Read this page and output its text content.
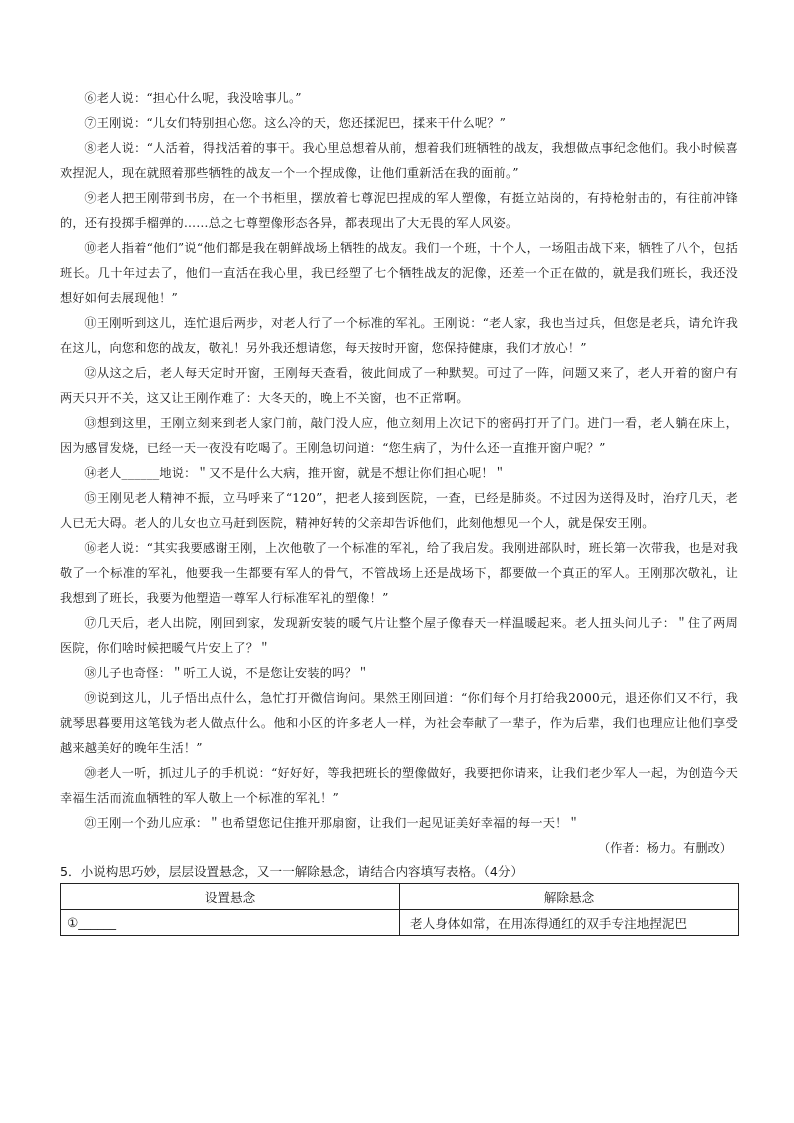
⑥老人说：“担心什么呢，我没啥事儿。”

⑦王刚说：“儿女们特别担心您。这么冷的天，您还揉泥巴，揉来干什么呢？”

⑧老人说：“人活着，得找活着的事干。我心里总想着从前，想着我们班牺牲的战友，我想做点事纪念他们。我小时候喜欢捏泥人，现在就照着那些牺牲的战友一个一个捏成像，让他们重新活在我的面前。”

⑨老人把王刚带到书房，在一个书柜里，摆放着七尊泥巴捏成的军人塑像，有挺立站岗的，有持枪射击的，有往前冲锋的，还有投掷手榴弹的……总之七尊塑像形态各异，都表现出了大无畏的军人风姿。

⑩老人指着“他们”说“他们都是我在朝鲜战场上牺牲的战友。我们一个班，十个人，一场阻击战下来，牺牲了八个，包括班长。几十年过去了，他们一直活在我心里，我已经塑了七个牺牲战友的泥像，还差一个正在做的，就是我们班长，我还没想好如何去展现他！”

⑪王刚听到这儿，连忙退后两步，对老人行了一个标准的军礼。王刚说：“老人家，我也当过兵，但您是老兵，请允许我在这儿，向您和您的战友，敬礼！另外我还想请您，每天按时开窗，您保持健康，我们才放心！”

⑫从这之后，老人每天定时开窗，王刚每天查看，彼此间成了一种默契。可过了一阵，问题又来了，老人开着的窗户有两天只开不关，这又让王刚作难了：大冬天的，晚上不关窗，也不正常啊。

⑬想到这里，王刚立刻来到老人家门前，敲门没人应，他立刻用上次记下的密码打开了门。进门一看，老人躺在床上，因为感冒发烧，已经一天一夜没有吃喝了。王刚急切问道：“您生病了，为什么还一直推开窗户呢？”

⑭老人______地说：＂又不是什么大病，推开窗，就是不想让你们担心呢！＂

⑮王刚见老人精神不振，立马呼来了“120”，把老人接到医院，一查，已经是肺炎。不过因为送得及时，治疗几天，老人已无大碍。老人的儿女也立马赶到医院，精神好转的父亲却告诉他们，此刻他想见一个人，就是保安王刚。

⑯老人说：“其实我要感谢王刚，上次他敬了一个标准的军礼，给了我启发。我刚进部队时，班长第一次带我，也是对我敬了一个标准的军礼，他要我一生都要有军人的骨气，不管战场上还是战场下，都要做一个真正的军人。王刚那次敬礼，让我想到了班长，我要为他塑造一尊军人行标准军礼的塑像！”

⑰几天后，老人出院，刚回到家，发现新安装的暖气片让整个屋子像春天一样温暖起来。老人扭头问儿子：＂住了两周医院，你们啥时候把暖气片安上了？＂

⑱儿子也奇怪：＂听工人说，不是您让安装的吗？＂

⑲说到这儿，儿子悟出点什么，急忙打开微信询问。果然王刚回道：“你们每个月打给我2000元，退还你们又不行，我就琴思暮要用这笔钱为老人做点什么。他和小区的许多老人一样，为社会奉献了一辈子，作为后辈，我们也理应让他们享受越来越美好的晚年生活！”

⑳老人一听，抓过儿子的手机说：“好好好，等我把班长的塑像做好，我要把你请来，让我们老少军人一起，为创造今天幸福生活而流血牺牲的军人敬上一个标准的军礼！”

㉑王刚一个劲儿应承：＂也希望您记住推开那扇窗，让我们一起见证美好幸福的每一天！＂

（作者：杨力。有删改）

5．小说构思巧妙，层层设置悬念，又一一解除悬念，请结合内容填写表格。（4分）

设置悬念	解除悬念
①______	老人身体如常，在用冻得通红的双手专注地捏泥巴
